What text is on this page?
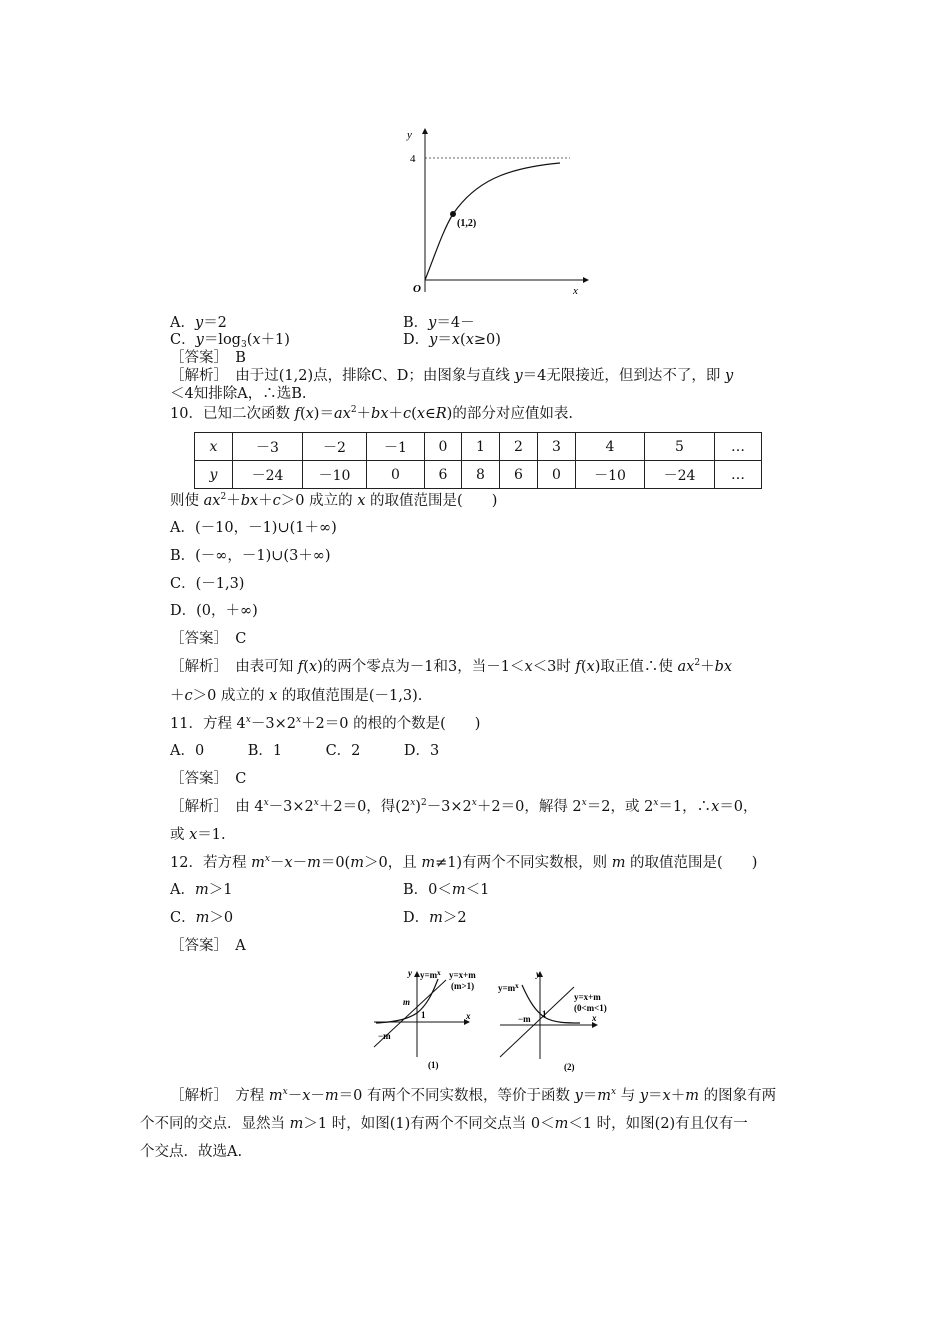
y
x
O
4
(1,2)
A．y＝2	B．y＝4－
C．$y=\log_3(x+1)$	D．y＝x(x≥0)
［答案］　B
［解析］　由于过(1,2)点，排除C、D；由图象与直线 y＝4无限接近，但到达不了，即 y
＜4知排除A，∴选B.
10．已知二次函数 $f(x)=ax^2+bx+c(x\in R)$的部分对应值如表.
x	－3	－2	－1	0	1	2	3	4	5	…
y	－24	－10	0	6	8	6	0	－10	－24	…
则使 $ax^2+bx+c>0$ 成立的 x 的取值范围是(　　)
A．(－10，－1)∪(1＋∞)
B．(－∞，－1)∪(3＋∞)
C．(－1,3)
D．(0，＋∞)
［答案］　C
［解析］　由表可知 f(x)的两个零点为－1和3，当－1＜x＜3时 f(x)取正值∴使 $ax^2+bx$
＋c＞0 成立的 x 的取值范围是(－1,3).
11．方程 $4^x-3\times 2^x+2=0$ 的根的个数是(　　)
A．0　　　B．1　　　C．2　　　D．3
［答案］　C
［解析］　由 $4^x-3\times 2^x+2=0$，得$(2^x)^2-3\times 2^x+2=0$，解得 $2^x=2$，或 $2^x=1$，∴x＝0，
或 x＝1.
12．若方程 $m^x-x-m=0(m>0$，且 m≠1)有两个不同实数根，则 m 的取值范围是(　　)
A．m＞1	B．0＜m＜1
C．m＞0	D．m＞2
［答案］　A
y $y=m^x$ y=x+m
(m>1)
m
1	x
−m
(1)
y
$y=m^x$
y=x+m
(0<m<1)
−m 1	x
(2)
［解析］　方程 $m^x-x-m=0$ 有两个不同实数根，等价于函数 $y=m^x$ 与 y＝x＋m 的图象有两
个不同的交点．显然当 m＞1 时，如图(1)有两个不同交点当 0＜m＜1 时，如图(2)有且仅有一
个交点．故选A.
